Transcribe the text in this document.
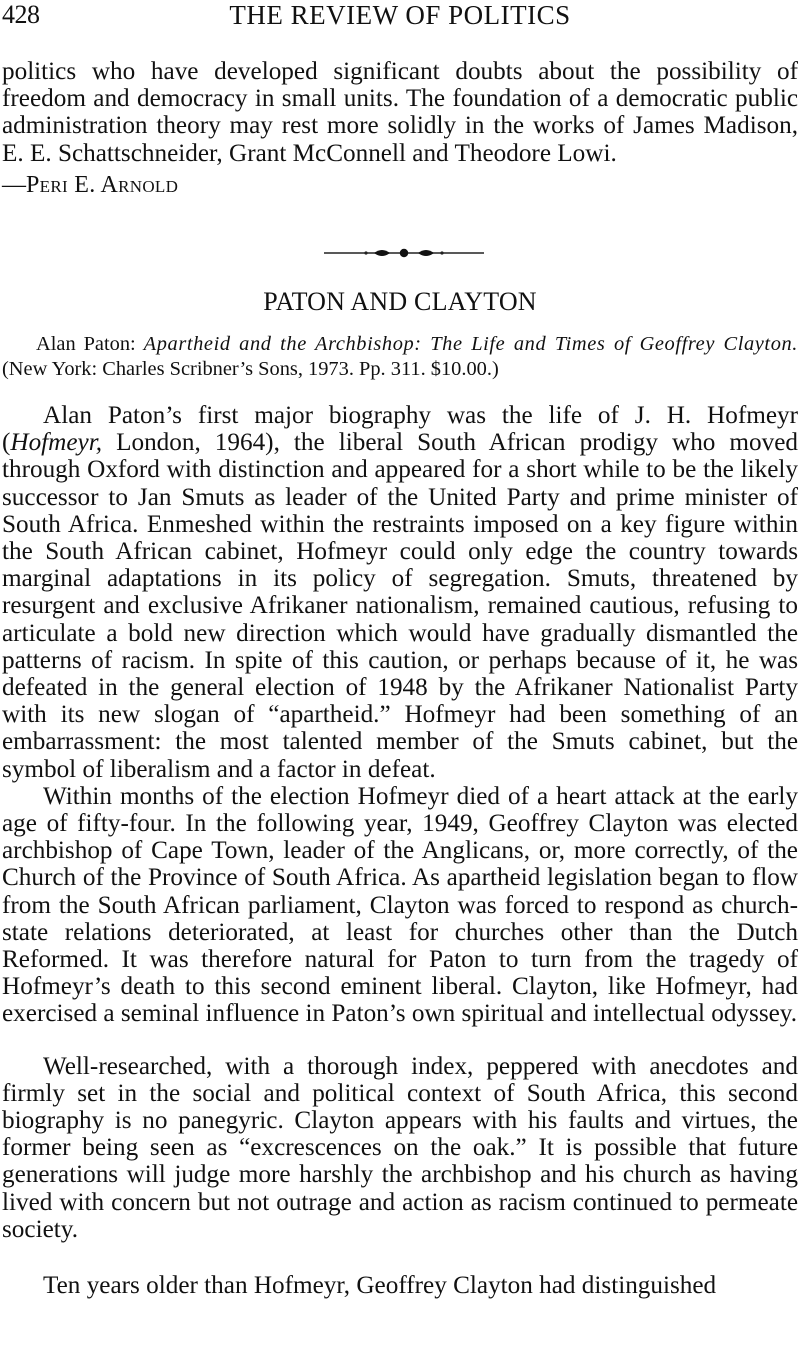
428	THE REVIEW OF POLITICS

politics who have developed significant doubts about the possibility of freedom and democracy in small units. The foundation of a democratic public administration theory may rest more solidly in the works of James Madison, E. E. Schattschneider, Grant McConnell and Theodore Lowi.

—Peri E. Arnold
PATON AND CLAYTON

Alan Paton: Apartheid and the Archbishop: The Life and Times of Geoffrey Clayton. (New York: Charles Scribner’s Sons, 1973. Pp. 311. $10.00.)

Alan Paton’s first major biography was the life of J. H. Hofmeyr (Hofmeyr, London, 1964), the liberal South African prodigy who moved through Oxford with distinction and appeared for a short while to be the likely successor to Jan Smuts as leader of the United Party and prime minister of South Africa. Enmeshed within the restraints imposed on a key figure within the South African cabinet, Hofmeyr could only edge the country towards marginal adaptations in its policy of segregation. Smuts, threatened by resurgent and exclusive Afrikaner nationalism, remained cautious, refusing to articulate a bold new direction which would have gradually dismantled the patterns of racism. In spite of this caution, or perhaps because of it, he was defeated in the general election of 1948 by the Afrikaner Nationalist Party with its new slogan of “apartheid.” Hofmeyr had been something of an embarrassment: the most talented member of the Smuts cabinet, but the symbol of liberalism and a factor in defeat.

Within months of the election Hofmeyr died of a heart attack at the early age of fifty-four. In the following year, 1949, Geoffrey Clayton was elected archbishop of Cape Town, leader of the Anglicans, or, more correctly, of the Church of the Province of South Africa. As apartheid legislation began to flow from the South African parliament, Clayton was forced to respond as church-state relations deteriorated, at least for churches other than the Dutch Reformed. It was therefore natural for Paton to turn from the tragedy of Hofmeyr’s death to this second eminent liberal. Clayton, like Hofmeyr, had exercised a seminal influence in Paton’s own spiritual and intellectual odyssey.

Well-researched, with a thorough index, peppered with anecdotes and firmly set in the social and political context of South Africa, this second biography is no panegyric. Clayton appears with his faults and virtues, the former being seen as “excrescences on the oak.” It is possible that future generations will judge more harshly the archbishop and his church as having lived with concern but not outrage and action as racism continued to permeate society.

Ten years older than Hofmeyr, Geoffrey Clayton had distinguished
